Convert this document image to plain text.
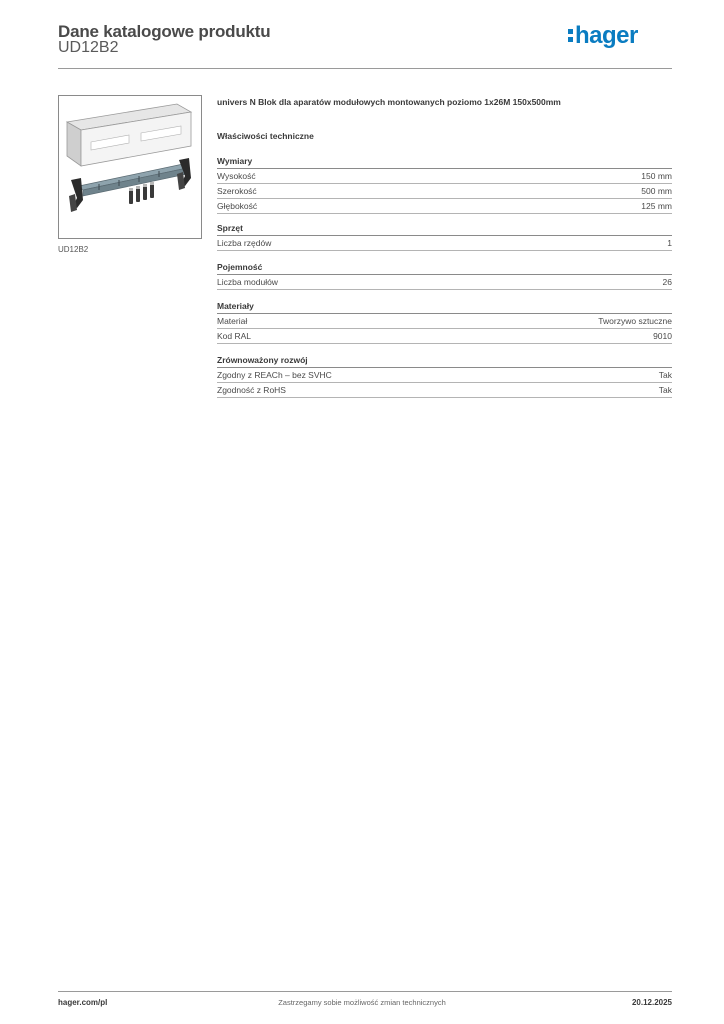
Dane katalogowe produktu
UD12B2	hager
UD12B2
univers N Blok dla aparatów modułowych montowanych poziomo 1x26M 150x500mm
Właściwości techniczne
Wymiary
Wysokość	150 mm
Szerokość	500 mm
Głębokość	125 mm
Sprzęt
Liczba rzędów	1
Pojemność
Liczba modułów	26
Materiały
Materiał	Tworzywo sztuczne
Kod RAL	9010
Zrównoważony rozwój
Zgodny z REACh – bez SVHC	Tak
Zgodność z RoHS	Tak
hager.com/pl	Zastrzegamy sobie możliwość zmian technicznych	20.12.2025
